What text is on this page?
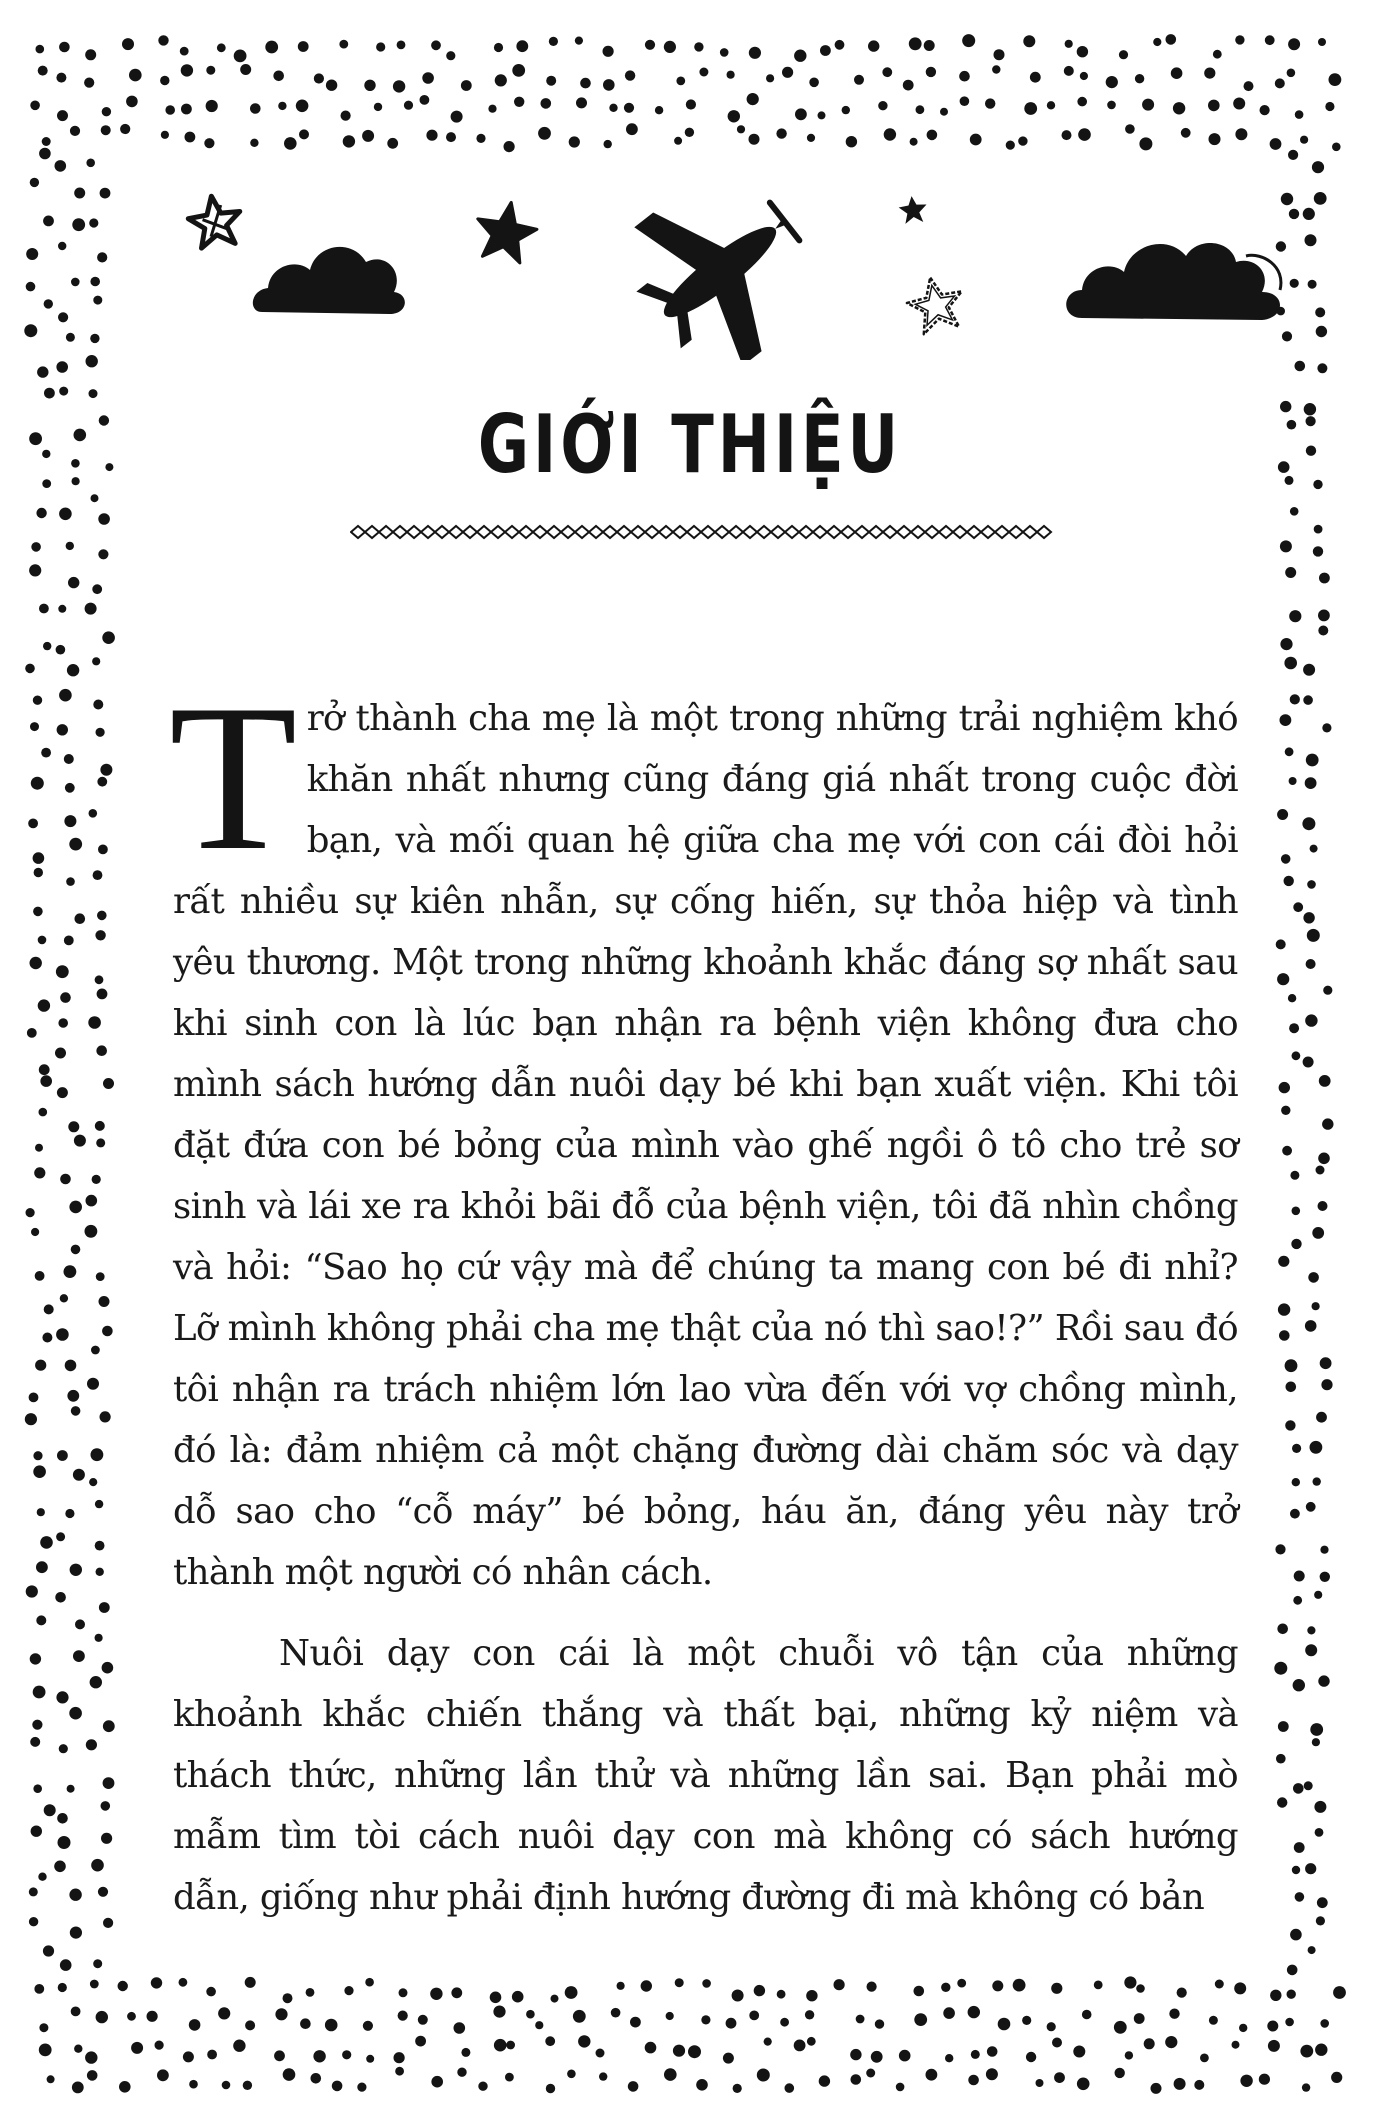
GIỚI THIỆU

Trở thành cha mẹ là một trong những trải nghiệm khó khăn nhất nhưng cũng đáng giá nhất trong cuộc đời bạn, và mối quan hệ giữa cha mẹ với con cái đòi hỏi rất nhiều sự kiên nhẫn, sự cống hiến, sự thỏa hiệp và tình yêu thương. Một trong những khoảnh khắc đáng sợ nhất sau khi sinh con là lúc bạn nhận ra bệnh viện không đưa cho mình sách hướng dẫn nuôi dạy bé khi bạn xuất viện. Khi tôi đặt đứa con bé bỏng của mình vào ghế ngồi ô tô cho trẻ sơ sinh và lái xe ra khỏi bãi đỗ của bệnh viện, tôi đã nhìn chồng và hỏi: “Sao họ cứ vậy mà để chúng ta mang con bé đi nhỉ? Lỡ mình không phải cha mẹ thật của nó thì sao!?” Rồi sau đó tôi nhận ra trách nhiệm lớn lao vừa đến với vợ chồng mình, đó là: đảm nhiệm cả một chặng đường dài chăm sóc và dạy dỗ sao cho “cỗ máy” bé bỏng, háu ăn, đáng yêu này trở thành một người có nhân cách.

Nuôi dạy con cái là một chuỗi vô tận của những khoảnh khắc chiến thắng và thất bại, những kỷ niệm và thách thức, những lần thử và những lần sai. Bạn phải mò mẫm tìm tòi cách nuôi dạy con mà không có sách hướng dẫn, giống như phải định hướng đường đi mà không có bản
